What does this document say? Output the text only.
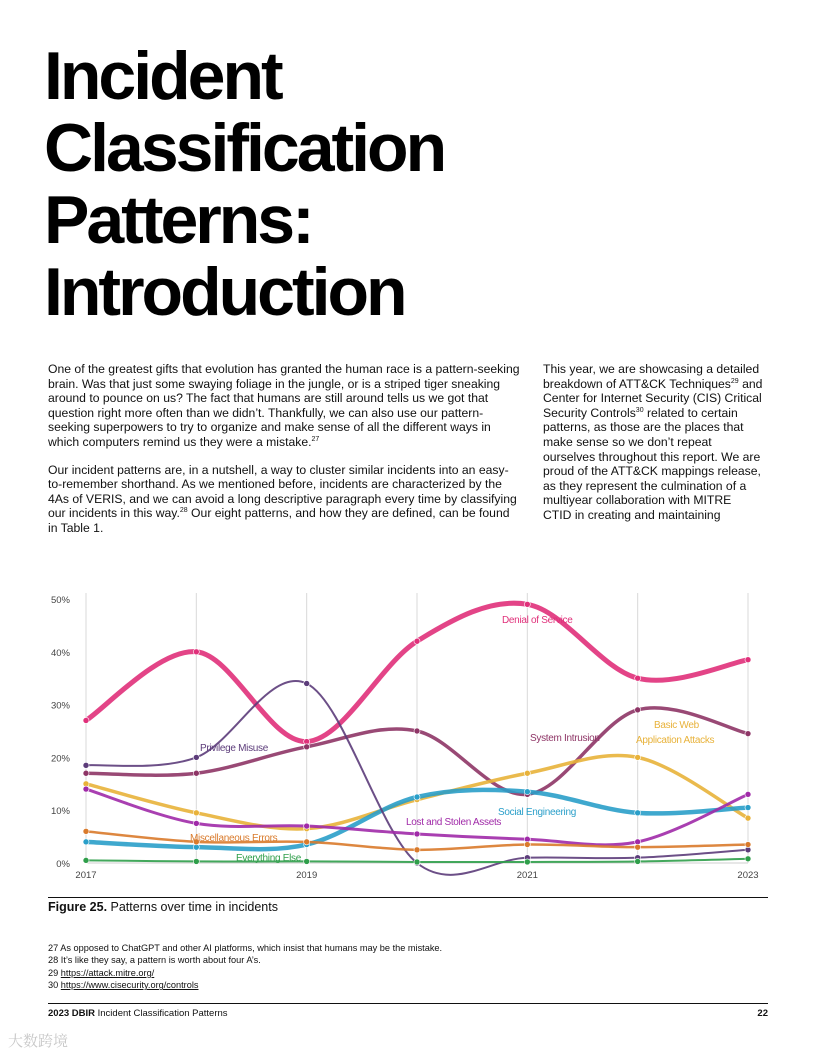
Incident
Classification
Patterns:
Introduction

One of the greatest gifts that evolution has granted the human race is a pattern-seeking brain. Was that just some swaying foliage in the jungle, or is a striped tiger sneaking around to pounce on us? The fact that humans are still around tells us we got that question right more often than we didn’t. Thankfully, we can also use our pattern-seeking superpowers to try to organize and make sense of all the different ways in which computers remind us they were a mistake.$^{27}$

Our incident patterns are, in a nutshell, a way to cluster similar incidents into an easy-to-remember shorthand. As we mentioned before, incidents are characterized by the 4As of VERIS, and we can avoid a long descriptive paragraph every time by classifying our incidents in this way.$^{28}$ Our eight patterns, and how they are defined, can be found in Table 1.

This year, we are showcasing a detailed breakdown of ATT&CK Techniques$^{29}$ and Center for Internet Security (CIS) Critical Security Controls$^{30}$ related to certain patterns, as those are the places that make sense so we don’t repeat ourselves throughout this report. We are proud of the ATT&CK mappings release, as they represent the culmination of a multiyear collaboration with MITRE CTID in creating and maintaining

0%
10%
20%
30%
40%
50%
2017	2019	2021	2023
Denial of Service
System Intrusion
Basic Web
Application Attacks
Social Engineering
Privilege Misuse
Lost and Stolen Assets
Miscellaneous Errors
Everything Else
Figure 25. Patterns over time in incidents
27 As opposed to ChatGPT and other AI platforms, which insist that humans may be the mistake.
28 It’s like they say, a pattern is worth about four A’s.
29 https://attack.mitre.org/
30 https://www.cisecurity.org/controls
2023 DBIR Incident Classification Patterns	22
大数跨境
